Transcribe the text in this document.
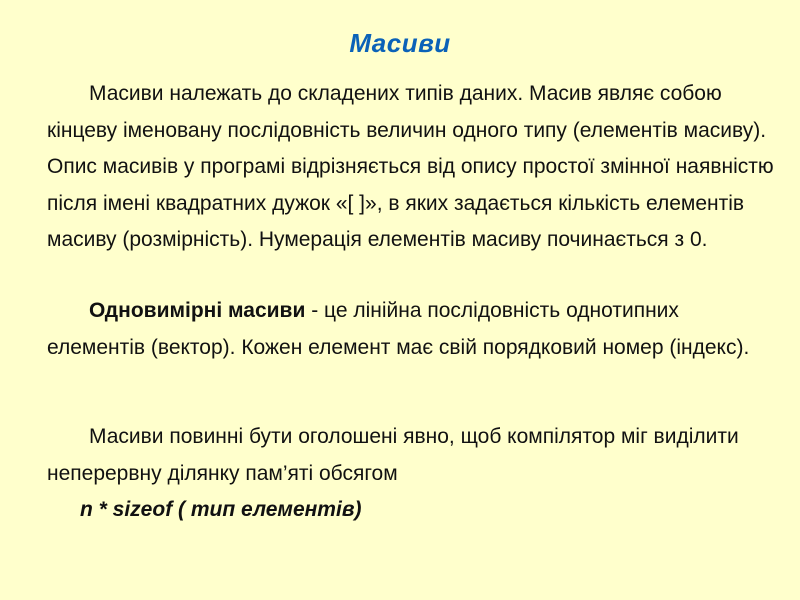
Масиви

Масиви належать до складених типів даних. Масив являє собою кінцеву іменовану послідовність величин одного типу (елементів масиву). Опис масивів у програмі відрізняється від опису простої змінної наявністю після імені квадратних дужок «[ ]», в яких задається кількість елементів масиву (розмірність). Нумерація елементів масиву починається з 0.

Одновимірні масиви - це лінійна послідовність однотипних елементів (вектор). Кожен елемент має свій порядковий номер (індекс).

Масиви повинні бути оголошені явно, щоб компілятор міг виділити неперервну ділянку пам’яті обсягом

n * sizeof ( тип елементів)
